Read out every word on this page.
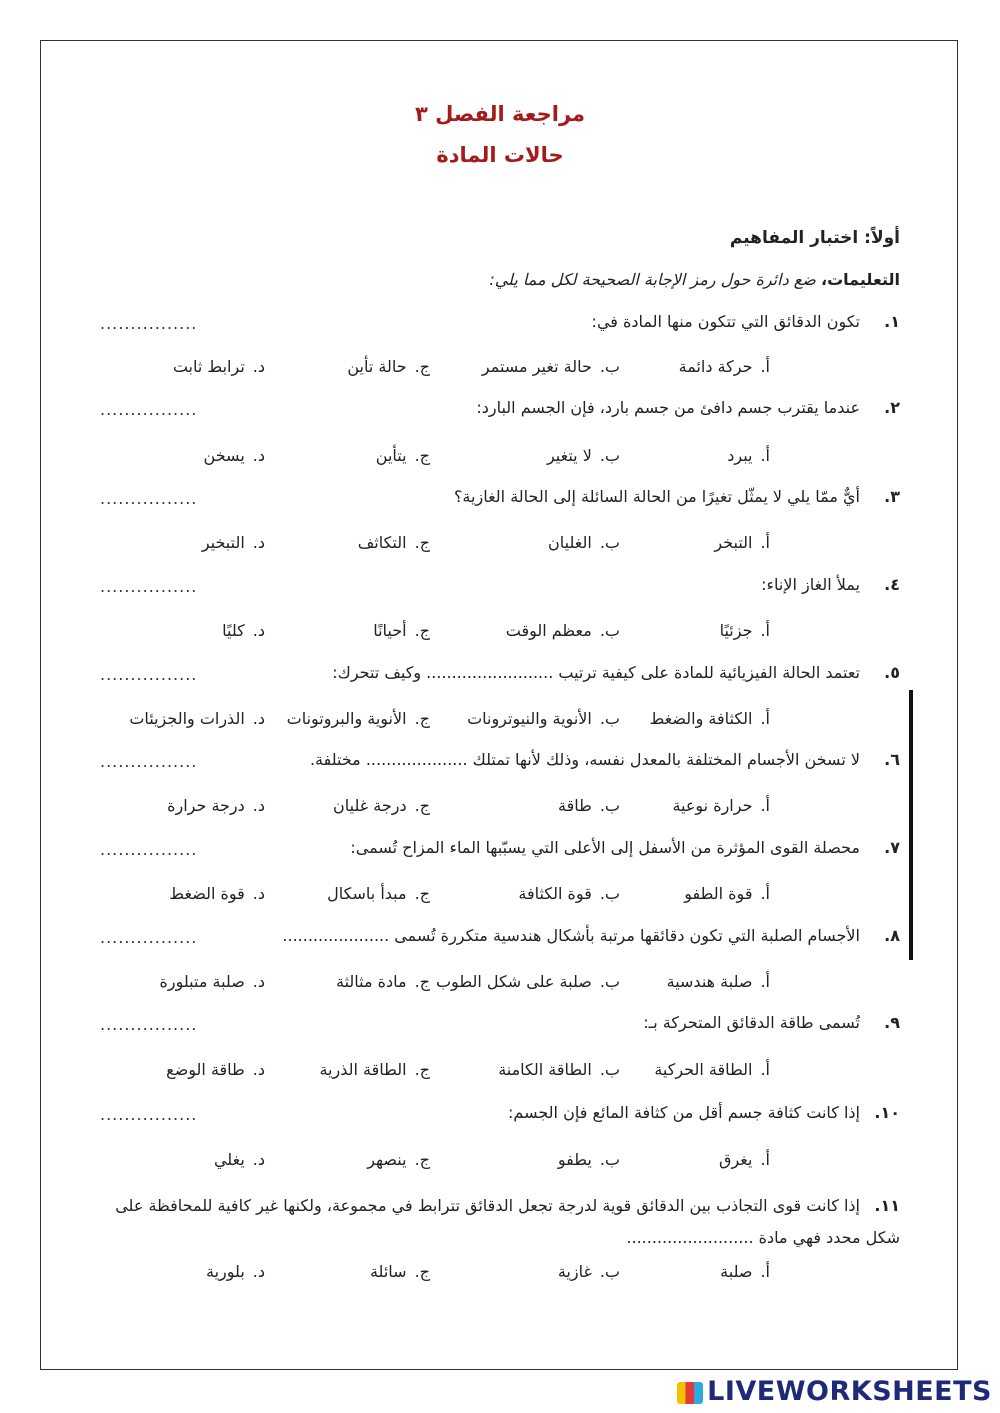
مراجعة الفصل ٣
حالات المادة
أولاً: اختبار المفاهيم
التعليمات، ضع دائرة حول رمز الإجابة الصحيحة لكل مما يلي:
١.تكون الدقائق التي تتكون منها المادة في:
................
أ.حركة دائمة
ب.حالة تغير مستمر
ج.حالة تأين
د.ترابط ثابت
٢.عندما يقترب جسم دافئ من جسم بارد، فإن الجسم البارد:
................
أ.يبرد
ب.لا يتغير
ج.يتأين
د.يسخن
٣.أيٌّ ممّا يلي لا يمثّل تغيرًا من الحالة السائلة إلى الحالة الغازية؟
................
أ.التبخر
ب.الغليان
ج.التكاثف
د.التبخير
٤.يملأ الغاز الإناء:
................
أ.جزئيًا
ب.معظم الوقت
ج.أحيانًا
د.كليًا
٥.تعتمد الحالة الفيزيائية للمادة على كيفية ترتيب ......................... وكيف تتحرك:
................
أ.الكثافة والضغط
ب.الأنوية والنيوترونات
ج.الأنوية والبروتونات
د.الذرات والجزيئات
٦.لا تسخن الأجسام المختلفة بالمعدل نفسه، وذلك لأنها تمتلك .................... مختلفة.
................
أ.حرارة نوعية
ب.طاقة
ج.درجة غليان
د.درجة حرارة
٧.محصلة القوى المؤثرة من الأسفل إلى الأعلى التي يسبّبها الماء المزاح تُسمى:
................
أ.قوة الطفو
ب.قوة الكثافة
ج.مبدأ باسكال
د.قوة الضغط
٨.الأجسام الصلبة التي تكون دقائقها مرتبة بأشكال هندسية متكررة تُسمى .....................
................
أ.صلبة هندسية
ب.صلبة على شكل الطوب
ج.مادة مثالثة
د.صلبة متبلورة
٩.تُسمى طاقة الدقائق المتحركة بـ:
................
أ.الطاقة الحركية
ب.الطاقة الكامنة
ج.الطاقة الذرية
د.طاقة الوضع
١٠.إذا كانت كثافة جسم أقل من كثافة المائع فإن الجسم:
................
أ.يغرق
ب.يطفو
ج.ينصهر
د.يغلي
١١.إذا كانت قوى التجاذب بين الدقائق قوية لدرجة تجعل الدقائق تترابط في مجموعة، ولكنها غير كافية للمحافظة على شكل محدد فهي مادة .........................
أ.صلبة
ب.غازية
ج.سائلة
د.بلورية
LIVEWORKSHEETS
